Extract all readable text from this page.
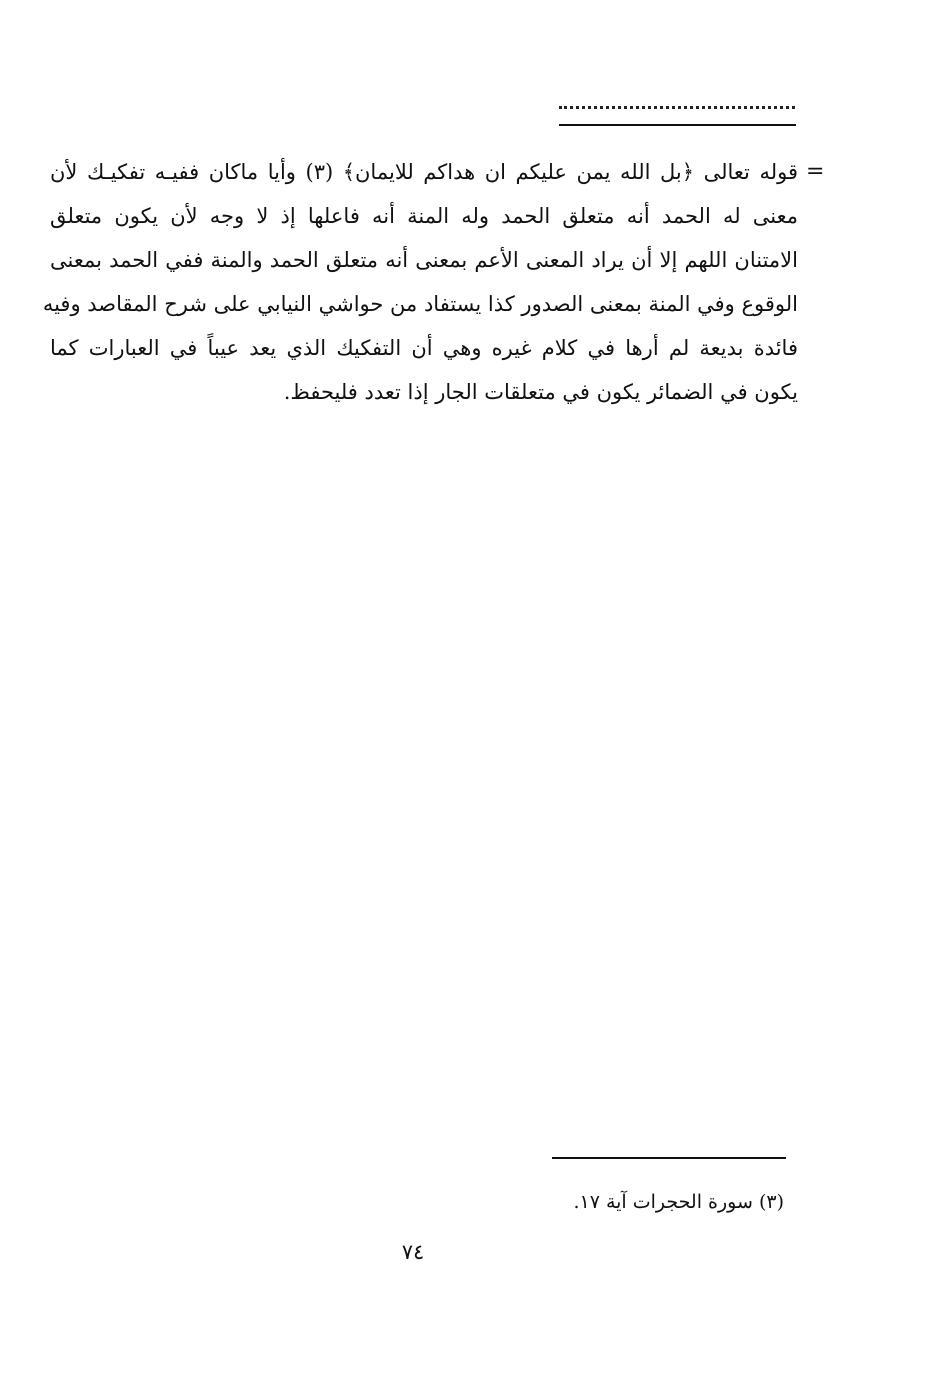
=
قوله تعالى ﴿بل الله يمن عليكم ان هداكم للايمان﴾ (٣) وأيا ماكان ففيـه تفكيـك لأن
معنى له الحمد أنه متعلق الحمد وله المنة أنه فاعلها إذ لا وجه لأن يكون متعلق
الامتنان اللهم إلا أن يراد المعنى الأعم بمعنى أنه متعلق الحمد والمنة ففي الحمد بمعنى
الوقوع وفي المنة بمعنى الصدور كذا يستفاد من حواشي النيابي على شرح المقاصد وفيه
فائدة بديعة لم أرها في كلام غيره وهي أن التفكيك الذي يعد عيباً في العبارات كما
يكون في الضمائر يكون في متعلقات الجار إذا تعدد فليحفظ.
(٣) سورة الحجرات آية ١٧.
٧٤
